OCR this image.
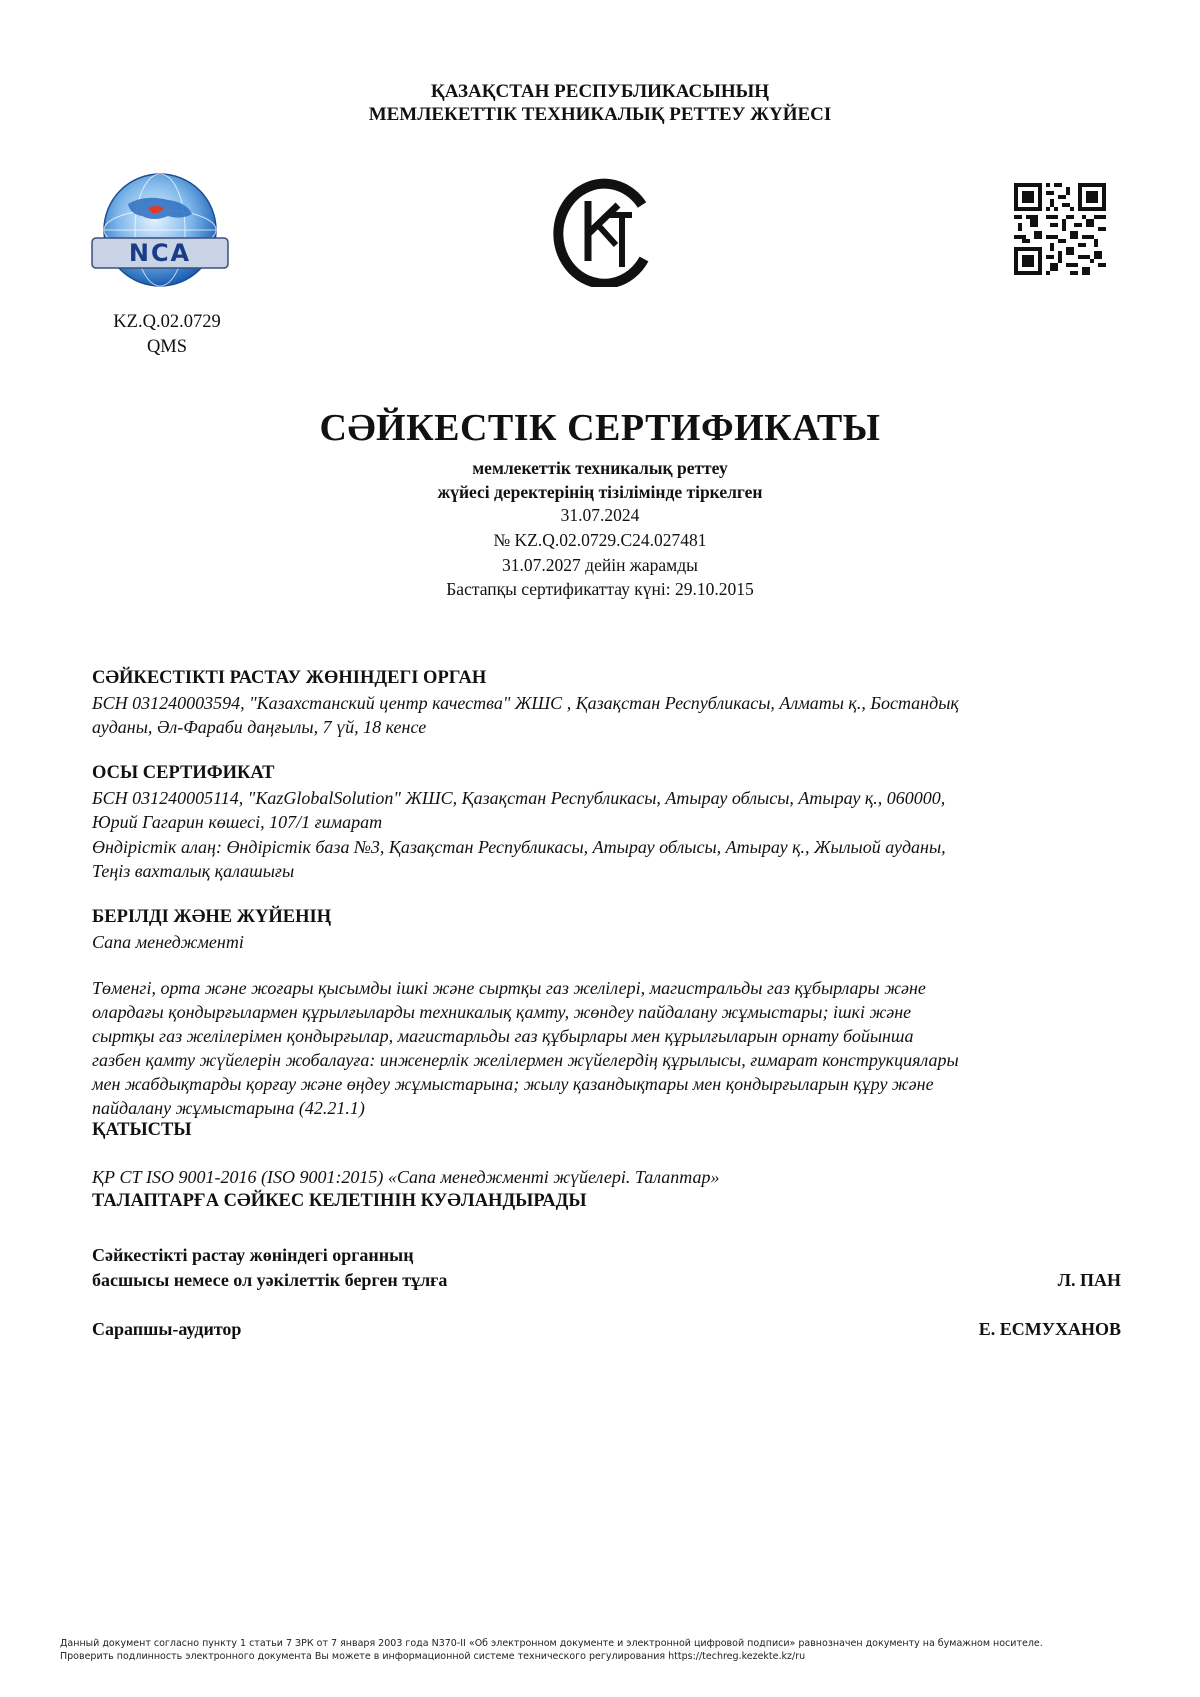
ҚАЗАҚСТАН РЕСПУБЛИКАСЫНЫҢ
МЕМЛЕКЕТТІК ТЕХНИКАЛЫҚ РЕТТЕУ ЖҮЙЕСІ
NCA
KZ.Q.02.0729
QMS
СӘЙКЕСТІК СЕРТИФИКАТЫ
мемлекеттік техникалық реттеу
жүйесі деректерінің тізілімінде тіркелген
31.07.2024
№ KZ.Q.02.0729.C24.027481
31.07.2027 дейін жарамды
Бастапқы сертификаттау күні: 29.10.2015
СӘЙКЕСТІКТІ РАСТАУ ЖӨНІНДЕГІ ОРГАН
БСН 031240003594, "Казахстанский центр качества" ЖШС , Қазақстан Республикасы, Алматы қ., Бостандық
ауданы, Әл-Фараби даңғылы, 7 үй, 18 кенсе
ОСЫ СЕРТИФИКАТ
БСН 031240005114, "KazGlobalSolution" ЖШС, Қазақстан Республикасы, Атырау облысы, Атырау қ., 060000,
Юрий Гагарин көшесі, 107/1 ғимарат
Өндірістік алаң: Өндірістік база №3, Қазақстан Республикасы, Атырау облысы, Атырау қ., Жылыой ауданы,
Теңіз вахталық қалашығы
БЕРІЛДІ ЖӘНЕ ЖҮЙЕНІҢ
Сапа менеджменті
Төменгі, орта және жоғары қысымды ішкі және сыртқы газ желілері, магистральды газ құбырлары және
олардағы қондырғылармен құрылғыларды техникалық қамту, жөндеу пайдалану жұмыстары; ішкі және
сыртқы газ желілерімен қондырғылар, магистарльды газ құбырлары мен құрылғыларын орнату бойынша
газбен қамту жүйелерін жобалауға: инженерлік желілермен жүйелердің құрылысы, ғимарат конструкциялары
мен жабдықтарды қорғау және өңдеу жұмыстарына; жылу қазандықтары мен қондырғыларын құру және
пайдалану жұмыстарына (42.21.1)
ҚАТЫСТЫ
ҚР СТ ISO 9001-2016 (ISO 9001:2015) «Сапа менеджменті жүйелері. Талаптар»
ТАЛАПТАРҒА СӘЙКЕС КЕЛЕТІНІН КУӘЛАНДЫРАДЫ
Сәйкестікті растау жөніндегі органның
басшысы немесе ол уәкілеттік берген тұлға	Л. ПАН
Сарапшы-аудитор	Е. ЕСМУХАНОВ
Данный документ согласно пункту 1 статьи 7 ЗРК от 7 января 2003 года N370-II «Об электронном документе и электронной цифровой подписи» равнозначен документу на бумажном носителе.
Проверить подлинность электронного документа Вы можете в информационной системе технического регулирования https://techreg.kezekte.kz/ru
